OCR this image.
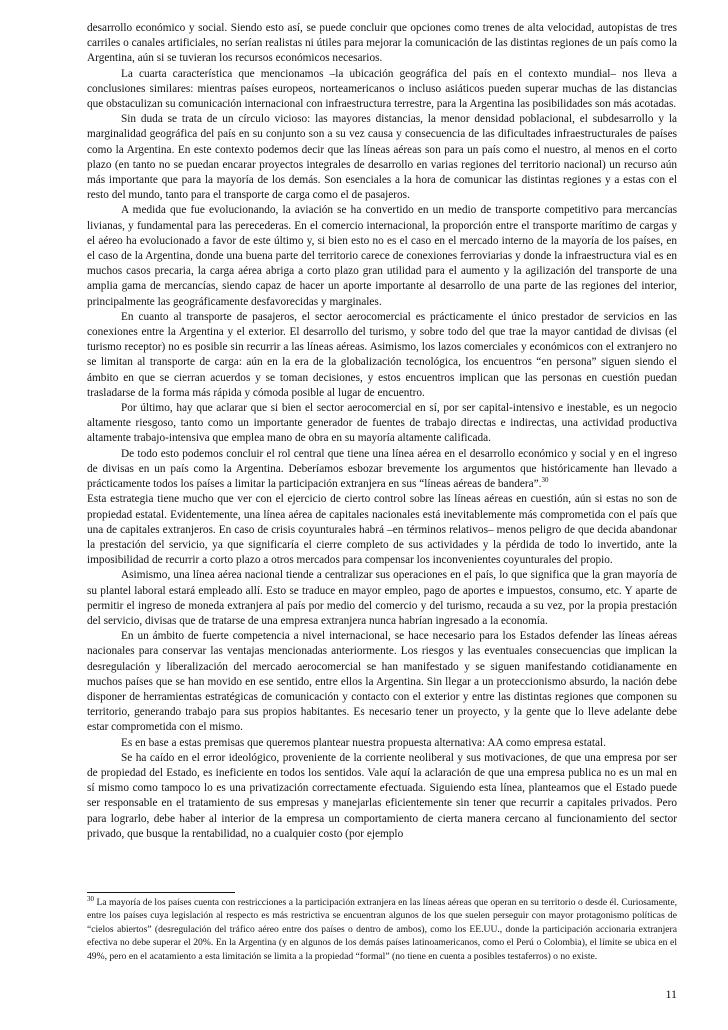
desarrollo económico y social. Siendo esto así, se puede concluir que opciones como trenes de alta velocidad, autopistas de tres carriles o canales artificiales, no serían realistas ni útiles para mejorar la comunicación de las distintas regiones de un país como la Argentina, aún si se tuvieran los recursos económicos necesarios.

La cuarta característica que mencionamos –la ubicación geográfica del país en el contexto mundial– nos lleva a conclusiones similares: mientras países europeos, norteamericanos o incluso asiáticos pueden superar muchas de las distancias que obstaculizan su comunicación internacional con infraestructura terrestre, para la Argentina las posibilidades son más acotadas.

Sin duda se trata de un círculo vicioso: las mayores distancias, la menor densidad poblacional, el subdesarrollo y la marginalidad geográfica del país en su conjunto son a su vez causa y consecuencia de las dificultades infraestructurales de países como la Argentina. En este contexto podemos decir que las líneas aéreas son para un país como el nuestro, al menos en el corto plazo (en tanto no se puedan encarar proyectos integrales de desarrollo en varias regiones del territorio nacional) un recurso aún más importante que para la mayoría de los demás. Son esenciales a la hora de comunicar las distintas regiones y a estas con el resto del mundo, tanto para el transporte de carga como el de pasajeros.

A medida que fue evolucionando, la aviación se ha convertido en un medio de transporte competitivo para mercancías livianas, y fundamental para las perecederas. En el comercio internacional, la proporción entre el transporte marítimo de cargas y el aéreo ha evolucionado a favor de este último y, si bien esto no es el caso en el mercado interno de la mayoría de los países, en el caso de la Argentina, donde una buena parte del territorio carece de conexiones ferroviarias y donde la infraestructura vial es en muchos casos precaria, la carga aérea abriga a corto plazo gran utilidad para el aumento y la agilización del transporte de una amplia gama de mercancías, siendo capaz de hacer un aporte importante al desarrollo de una parte de las regiones del interior, principalmente las geográficamente desfavorecidas y marginales.

En cuanto al transporte de pasajeros, el sector aerocomercial es prácticamente el único prestador de servicios en las conexiones entre la Argentina y el exterior. El desarrollo del turismo, y sobre todo del que trae la mayor cantidad de divisas (el turismo receptor) no es posible sin recurrir a las líneas aéreas. Asimismo, los lazos comerciales y económicos con el extranjero no se limitan al transporte de carga: aún en la era de la globalización tecnológica, los encuentros “en persona” siguen siendo el ámbito en que se cierran acuerdos y se toman decisiones, y estos encuentros implican que las personas en cuestión puedan trasladarse de la forma más rápida y cómoda posible al lugar de encuentro.

Por último, hay que aclarar que si bien el sector aerocomercial en sí, por ser capital-intensivo e inestable, es un negocio altamente riesgoso, tanto como un importante generador de fuentes de trabajo directas e indirectas, una actividad productiva altamente trabajo-intensiva que emplea mano de obra en su mayoría altamente calificada.

De todo esto podemos concluir el rol central que tiene una línea aérea en el desarrollo económico y social y en el ingreso de divisas en un país como la Argentina. Deberíamos esbozar brevemente los argumentos que históricamente han llevado a prácticamente todos los países a limitar la participación extranjera en sus “líneas aéreas de bandera”.$^{30}$

Esta estrategia tiene mucho que ver con el ejercicio de cierto control sobre las líneas aéreas en cuestión, aún si estas no son de propiedad estatal. Evidentemente, una línea aérea de capitales nacionales está inevitablemente más comprometida con el país que una de capitales extranjeros. En caso de crisis coyunturales habrá –en términos relativos– menos peligro de que decida abandonar la prestación del servicio, ya que significaría el cierre completo de sus actividades y la pérdida de todo lo invertido, ante la imposibilidad de recurrir a corto plazo a otros mercados para compensar los inconvenientes coyunturales del propio.

Asimismo, una línea aérea nacional tiende a centralizar sus operaciones en el país, lo que significa que la gran mayoría de su plantel laboral estará empleado allí. Esto se traduce en mayor empleo, pago de aportes e impuestos, consumo, etc. Y aparte de permitir el ingreso de moneda extranjera al país por medio del comercio y del turismo, recauda a su vez, por la propia prestación del servicio, divisas que de tratarse de una empresa extranjera nunca habrían ingresado a la economía.

En un ámbito de fuerte competencia a nivel internacional, se hace necesario para los Estados defender las líneas aéreas nacionales para conservar las ventajas mencionadas anteriormente. Los riesgos y las eventuales consecuencias que implican la desregulación y liberalización del mercado aerocomercial se han manifestado y se siguen manifestando cotidianamente en muchos países que se han movido en ese sentido, entre ellos la Argentina. Sin llegar a un proteccionismo absurdo, la nación debe disponer de herramientas estratégicas de comunicación y contacto con el exterior y entre las distintas regiones que componen su territorio, generando trabajo para sus propios habitantes. Es necesario tener un proyecto, y la gente que lo lleve adelante debe estar comprometida con el mismo.

Es en base a estas premisas que queremos plantear nuestra propuesta alternativa: AA como empresa estatal.

Se ha caído en el error ideológico, proveniente de la corriente neoliberal y sus motivaciones, de que una empresa por ser de propiedad del Estado, es ineficiente en todos los sentidos. Vale aquí la aclaración de que una empresa publica no es un mal en sí mismo como tampoco lo es una privatización correctamente efectuada. Siguiendo esta línea, planteamos que el Estado puede ser responsable en el tratamiento de sus empresas y manejarlas eficientemente sin tener que recurrir a capitales privados. Pero para lograrlo, debe haber al interior de la empresa un comportamiento de cierta manera cercano al funcionamiento del sector privado, que busque la rentabilidad, no a cualquier costo (por ejemplo

$^{30}$ La mayoría de los países cuenta con restricciones a la participación extranjera en las líneas aéreas que operan en su territorio o desde él. Curiosamente, entre los países cuya legislación al respecto es más restrictiva se encuentran algunos de los que suelen perseguir con mayor protagonismo políticas de “cielos abiertos” (desregulación del tráfico aéreo entre dos países o dentro de ambos), como los EE.UU., donde la participación accionaria extranjera efectiva no debe superar el 20%. En la Argentina (y en algunos de los demás países latinoamericanos, como el Perú o Colombia), el límite se ubica en el 49%, pero en el acatamiento a esta limitación se limita a la propiedad “formal” (no tiene en cuenta a posibles testaferros) o no existe.

11
